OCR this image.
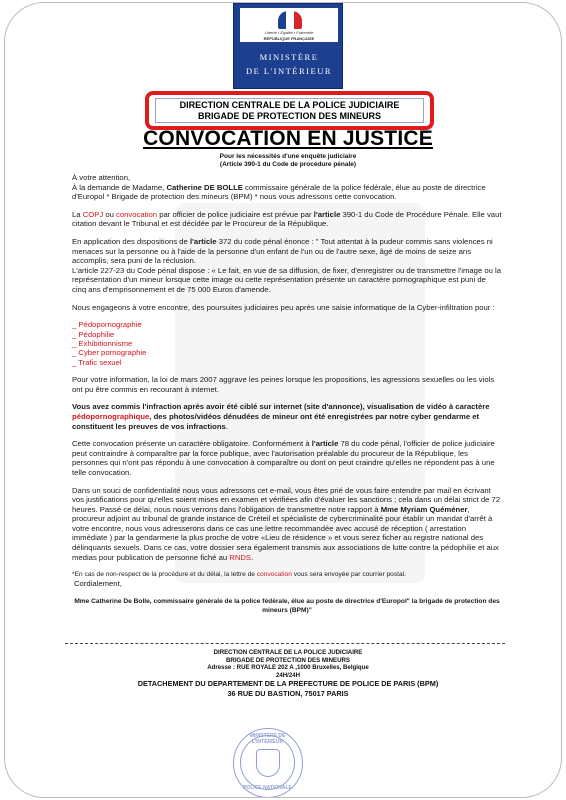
Liberté • Égalité • Fraternité
RÉPUBLIQUE FRANÇAISE
MINISTÈRE
DE L'INTÉRIEUR
DIRECTION CENTRALE DE LA POLICE JUDICIAIRE
BRIGADE DE PROTECTION DES MINEURS
CONVOCATION EN JUSTICE
Pour les nécessités d'une enquête judiciaire
(Article 390-1 du Code de procédure pénale)

À votre attention,
À la demande de Madame, Catherine DE BOLLE commissaire générale de la police fédérale, élue au poste de directrice d'Europol * Brigade de protection des mineurs (BPM) * nous vous adressons cette convocation.

La COPJ ou convocation par officier de police judiciaire est prévue par l'article 390-1 du Code de Procédure Pénale. Elle vaut citation devant le Tribunal et est décidée par le Procureur de la République.

En application des dispositions de l'article 372 du code pénal énonce : " Tout attentat à la pudeur commis sans violences ni menaces sur la personne ou à l'aide de la personne d'un enfant de l'un ou de l'autre sexe, âgé de moins de seize ans accomplis, sera puni de la réclusion.
L'article 227-23 du Code pénal dispose : « Le fait, en vue de sa diffusion, de fixer, d'enregistrer ou de transmettre l'image ou la représentation d'un mineur lorsque cette image ou cette représentation présente un caractère pornographique est puni de cinq ans d'emprisonnement et de 75 000 Euros d'amende.

Nous engageons à votre encontre, des poursuites judiciaires peu après une saisie informatique de la Cyber-infiltration pour :

_ Pédopornographie
_ Pédophilie
_ Exhibitionnisme
_ Cyber pornographie
_ Trafic sexuel

Pour votre information, la loi de mars 2007 aggrave les peines lorsque les propositions, les agressions sexuelles ou les viols ont pu être commis en recourant à internet.

Vous avez commis l'infraction après avoir été ciblé sur internet (site d'annonce), visualisation de vidéo à caractère pédopornographique, des photos/vidéos dénudées de mineur ont été enregistrées par notre cyber gendarme et constituent les preuves de vos infractions.

Cette convocation présente un caractère obligatoire. Conformément à l'article 78 du code pénal, l'officier de police judiciaire peut contraindre à comparaître par la force publique, avec l'autorisation préalable du procureur de la République, les personnes qui n'ont pas répondu à une convocation à comparaître ou dont on peut craindre qu'elles ne répondent pas à une telle convocation.

Dans un souci de confidentialité nous vous adressons cet e-mail, vous êtes prié de vous faire entendre par mail en écrivant vos justifications pour qu'elles soient mises en examen et vérifiées afin d'évaluer les sanctions ; cela dans un délai strict de 72 heures. Passé ce délai, nous nous verrons dans l'obligation de transmettre notre rapport à Mme Myriam Quéméner, procureur adjoint au tribunal de grande instance de Créteil et spécialiste de cybercriminalité pour établir un mandat d'arrêt à votre encontre, nous vous adresserons dans ce cas une lettre recommandée avec accusé de réception ( arrestation immédiate ) par la gendarmerie la plus proche de votre «Lieu de résidence » et vous serez ficher au registre national des délinquants sexuels. Dans ce cas, votre dossier sera également transmis aux associations de lutte contre la pédophilie et aux medias pour publication de personne fiché au RNDS.

*En cas de non-respect de la procédure et du délai, la lettre de convocation vous sera envoyée par courrier postal.
Cordialement,

Mme Catherine De Bolle, commissaire générale de la police fédérale, élue au poste de directrice d'Europol" la brigade de protection des mineurs (BPM)"
DIRECTION CENTRALE DE LA POLICE JUDICIAIRE
BRIGADE DE PROTECTION DES MINEURS
Adresse : RUE ROYALE 202 A ,1000 Bruxelles, Belgique
24H/24H
DETACHEMENT DU DEPARTEMENT DE LA PREFECTURE DE POLICE DE PARIS (BPM)
36 RUE DU BASTION, 75017 PARIS
MINISTÈRE DE L'INTÉRIEUR
POLICE NATIONALE
